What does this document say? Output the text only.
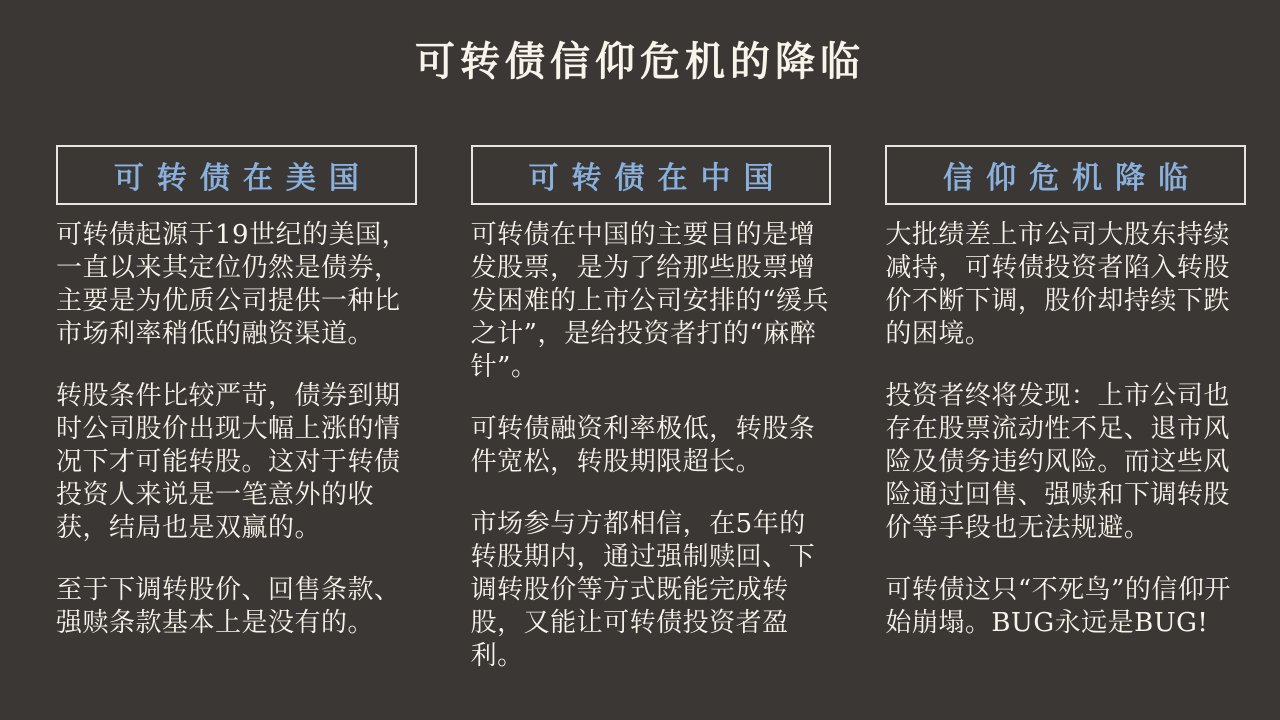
可转债信仰危机的降临
可转债在美国

可转债起源于19世纪的美国，一直以来其定位仍然是债券，主要是为优质公司提供一种比市场利率稍低的融资渠道。

转股条件比较严苛，债券到期时公司股价出现大幅上涨的情况下才可能转股。这对于转债投资人来说是一笔意外的收获，结局也是双赢的。

至于下调转股价、回售条款、强赎条款基本上是没有的。

可转债在中国

可转债在中国的主要目的是增发股票，是为了给那些股票增发困难的上市公司安排的“缓兵之计”，是给投资者打的“麻醉针”。

可转债融资利率极低，转股条件宽松，转股期限超长。

市场参与方都相信，在5年的转股期内，通过强制赎回、下调转股价等方式既能完成转股，又能让可转债投资者盈利。

信仰危机降临

大批绩差上市公司大股东持续减持，可转债投资者陷入转股价不断下调，股价却持续下跌的困境。

投资者终将发现：上市公司也存在股票流动性不足、退市风险及债务违约风险。而这些风险通过回售、强赎和下调转股价等手段也无法规避。

可转债这只“不死鸟”的信仰开始崩塌。BUG永远是BUG!
